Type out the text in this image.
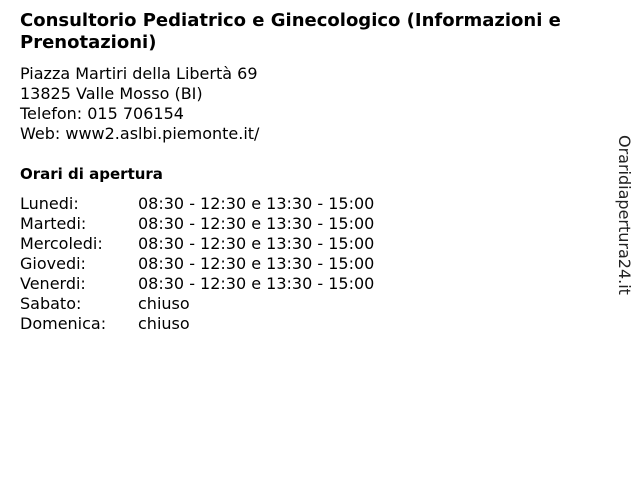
Consultorio Pediatrico e Ginecologico (Informazioni e Prenotazioni)
Piazza Martiri della Libertà 69
13825 Valle Mosso (BI)
Telefon: 015 706154
Web: www2.aslbi.piemonte.it/
Orari di apertura
Lunedi:	08:30 - 12:30 e 13:30 - 15:00
Martedi:	08:30 - 12:30 e 13:30 - 15:00
Mercoledi:	08:30 - 12:30 e 13:30 - 15:00
Giovedi:	08:30 - 12:30 e 13:30 - 15:00
Venerdi:	08:30 - 12:30 e 13:30 - 15:00
Sabato:	chiuso
Domenica:	chiuso
Oraridiapertura24.it
